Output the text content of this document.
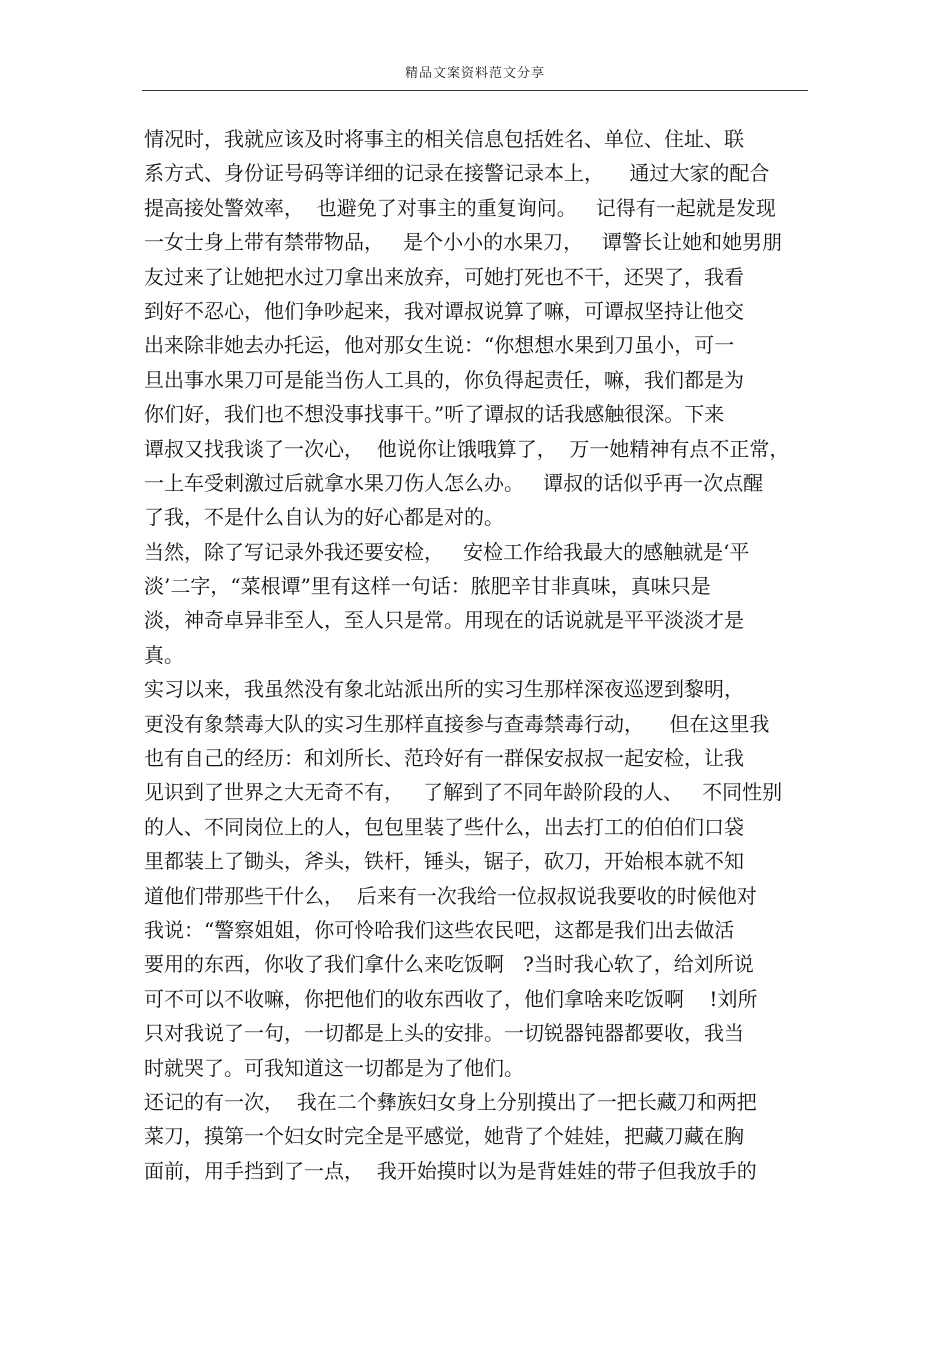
精品文案资料范文分享
情况时，我就应该及时将事主的相关信息包括姓名、单位、住址、联
系方式、身份证号码等详细的记录在接警记录本上，    通过大家的配合
提高接处警效率，  也避免了对事主的重复询问。   记得有一起就是发现
一女士身上带有禁带物品，   是个小小的水果刀，   谭警长让她和她男朋
友过来了让她把水过刀拿出来放弃，可她打死也不干，还哭了，我看
到好不忍心，他们争吵起来，我对谭叔说算了嘛，可谭叔坚持让他交
出来除非她去办托运，他对那女生说：“你想想水果到刀虽小，可一
旦出事水果刀可是能当伤人工具的，你负得起责任，嘛，我们都是为
你们好，我们也不想没事找事干。”听了谭叔的话我感触很深。下来
谭叔又找我谈了一次心，  他说你让饿哦算了，  万一她精神有点不正常，
一上车受刺激过后就拿水果刀伤人怎么办。   谭叔的话似乎再一次点醒
了我，不是什么自认为的好心都是对的。
当然，除了写记录外我还要安检，   安检工作给我最大的感触就是‘平
淡’二字，“菜根谭”里有这样一句话：脓肥辛甘非真味，真味只是
淡，神奇卓异非至人，至人只是常。用现在的话说就是平平淡淡才是
真。
实习以来，我虽然没有象北站派出所的实习生那样深夜巡逻到黎明，
更没有象禁毒大队的实习生那样直接参与查毒禁毒行动，    但在这里我
也有自己的经历：和刘所长、范玲好有一群保安叔叔一起安检，让我
见识到了世界之大无奇不有，   了解到了不同年龄阶段的人、   不同性别
的人、不同岗位上的人，包包里装了些什么，出去打工的伯伯们口袋
里都装上了锄头，斧头，铁杆，锤头，锯子，砍刀，开始根本就不知
道他们带那些干什么，  后来有一次我给一位叔叔说我要收的时候他对
我说：“警察姐姐，你可怜哈我们这些农民吧，这都是我们出去做活
要用的东西，你收了我们拿什么来吃饭啊   ?当时我心软了，给刘所说
可不可以不收嘛，你把他们的收东西收了，他们拿啥来吃饭啊    !刘所
只对我说了一句，一切都是上头的安排。一切锐器钝器都要收，我当
时就哭了。可我知道这一切都是为了他们。
还记的有一次，  我在二个彝族妇女身上分别摸出了一把长藏刀和两把
菜刀，摸第一个妇女时完全是平感觉，她背了个娃娃，把藏刀藏在胸
面前，用手挡到了一点，  我开始摸时以为是背娃娃的带子但我放手的
